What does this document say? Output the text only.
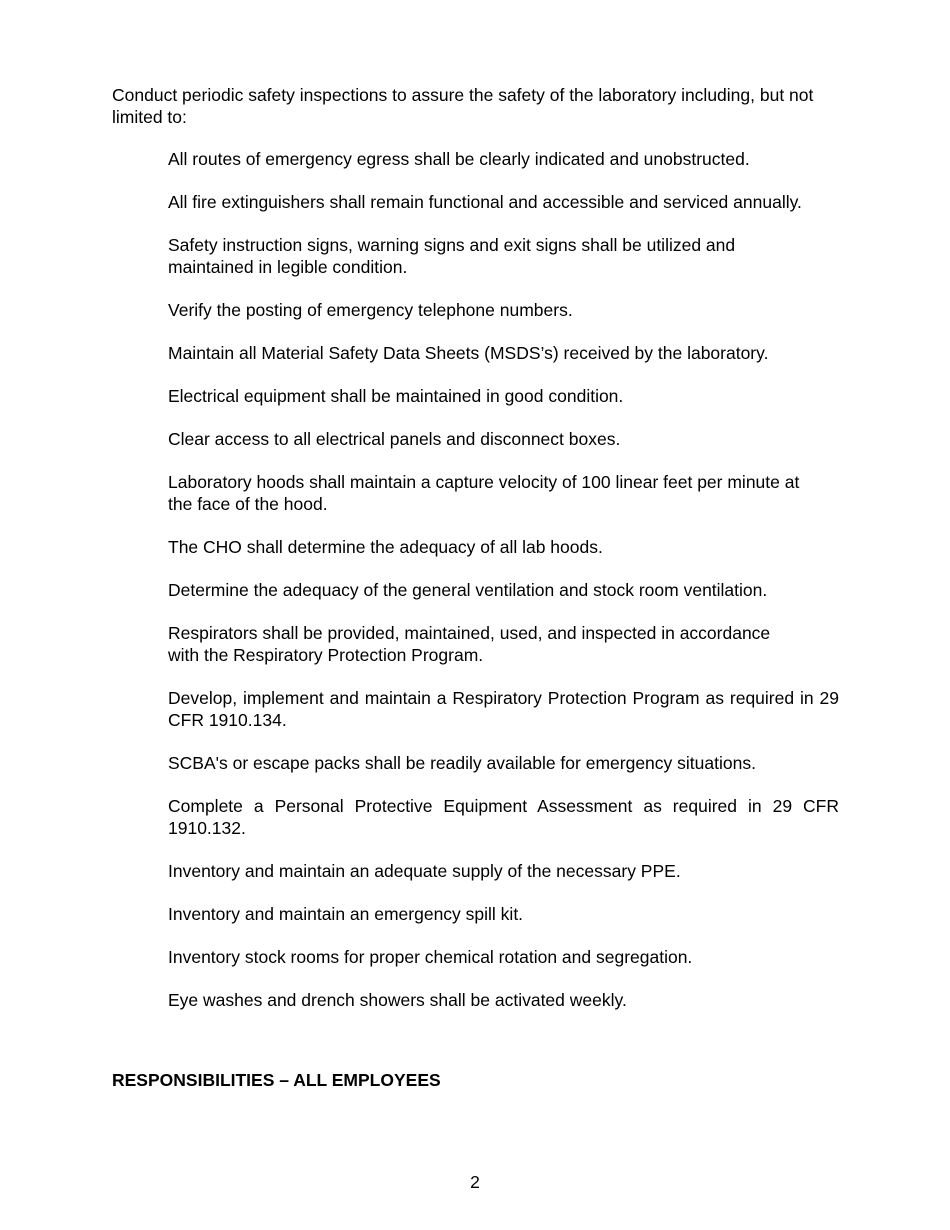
Conduct periodic safety inspections to assure the safety of the laboratory including, but not limited to:

All routes of emergency egress shall be clearly indicated and unobstructed.
All fire extinguishers shall remain functional and accessible and serviced annually.
Safety instruction signs, warning signs and exit signs shall be utilized and maintained in legible condition.
Verify the posting of emergency telephone numbers.
Maintain all Material Safety Data Sheets (MSDS’s) received by the laboratory.
Electrical equipment shall be maintained in good condition.
Clear access to all electrical panels and disconnect boxes.
Laboratory hoods shall maintain a capture velocity of 100 linear feet per minute at the face of the hood.
The CHO shall determine the adequacy of all lab hoods.
Determine the adequacy of the general ventilation and stock room ventilation.
Respirators shall be provided, maintained, used, and inspected in accordance with the Respiratory Protection Program.
Develop, implement and maintain a Respiratory Protection Program as required in 29 CFR 1910.134.
SCBA's or escape packs shall be readily available for emergency situations.
Complete a Personal Protective Equipment Assessment as required in 29 CFR 1910.132.
Inventory and maintain an adequate supply of the necessary PPE.
Inventory and maintain an emergency spill kit.
Inventory stock rooms for proper chemical rotation and segregation.
Eye washes and drench showers shall be activated weekly.
RESPONSIBILITIES – ALL EMPLOYEES

2
